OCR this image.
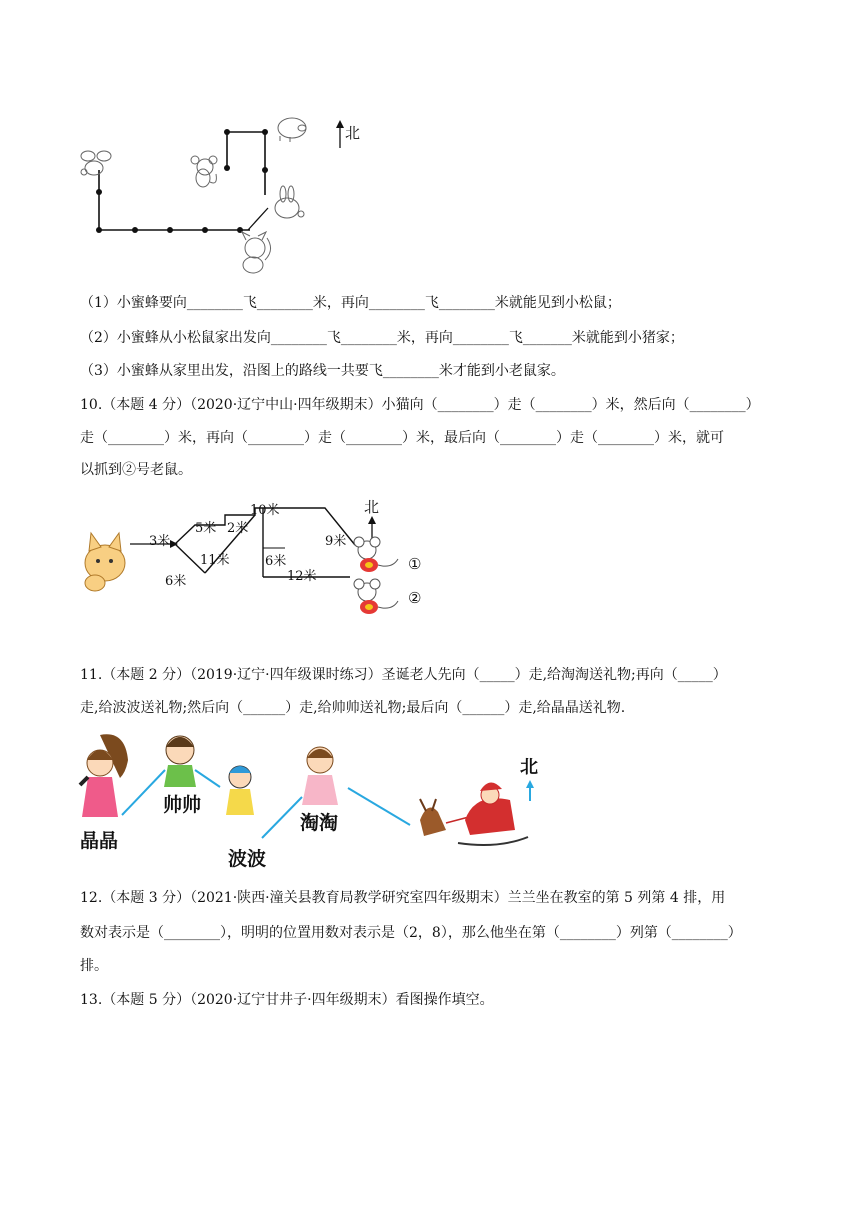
北
（1）小蜜蜂要向________飞________米，再向________飞________米就能见到小松鼠；
（2）小蜜蜂从小松鼠家出发向________飞________米，再向________飞_______米就能到小猪家；
（3）小蜜蜂从家里出发，沿图上的路线一共要飞________米才能到小老鼠家。
10.（本题 4 分）（2020·辽宁中山·四年级期末）小猫向（________）走（________）米，然后向（________）
走（________）米，再向（________）走（________）米，最后向（________）走（________）米，就可
以抓到②号老鼠。
3米
5米 2米
10米
11米
6米
6米
12米
9米
北
①
②
11.（本题 2 分）（2019·辽宁·四年级课时练习）圣诞老人先向（_____）走,给淘淘送礼物;再向（_____）
走,给波波送礼物;然后向（______）走,给帅帅送礼物;最后向（______）走,给晶晶送礼物.
晶晶
帅帅
波波
淘淘
北
12.（本题 3 分）（2021·陕西·潼关县教育局教学研究室四年级期末）兰兰坐在教室的第 5 列第 4 排，用
数对表示是（________），明明的位置用数对表示是（2，8），那么他坐在第（________）列第（________）
排。
13.（本题 5 分）（2020·辽宁甘井子·四年级期末）看图操作填空。
